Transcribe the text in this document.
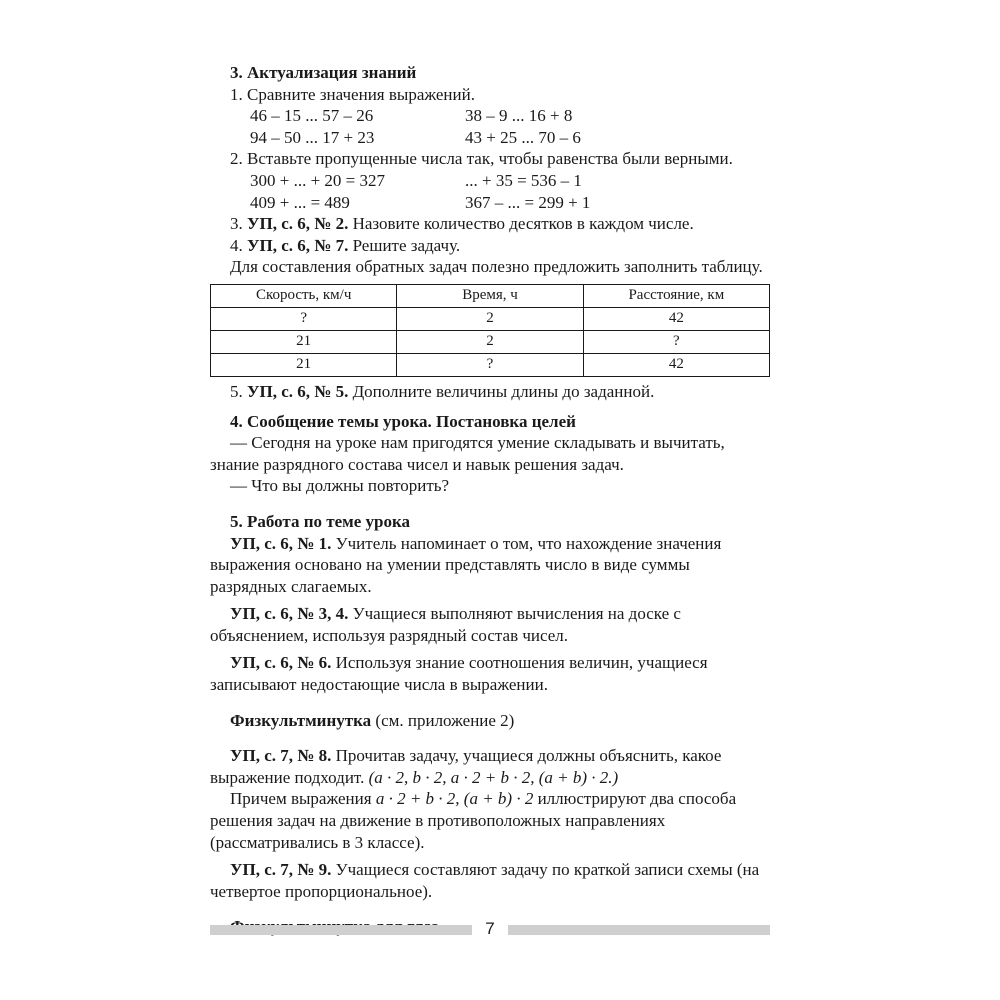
3. Актуализация знаний

1. Сравните значения выражений.

46 – 15 ... 57 – 26	38 – 9 ... 16 + 8
94 – 50 ... 17 + 23	43 + 25 ... 70 – 6

2. Вставьте пропущенные числа так, чтобы равенства были верными.

300 + ... + 20 = 327	... + 35 = 536 – 1
409 + ... = 489	367 – ... = 299 + 1

3. УП, с. 6, № 2. Назовите количество десятков в каждом числе.

4. УП, с. 6, № 7. Решите задачу.

Для составления обратных задач полезно предложить заполнить таблицу.

Скорость, км/ч	Время, ч	Расстояние, км
?	2	42
21	2	?
21	?	42

5. УП, с. 6, № 5. Дополните величины длины до заданной.

4. Сообщение темы урока. Постановка целей

— Сегодня на уроке нам пригодятся умение складывать и вычитать, знание разрядного состава чисел и навык решения задач.

— Что вы должны повторить?

5. Работа по теме урока

УП, с. 6, № 1. Учитель напоминает о том, что нахождение значения выражения основано на умении представлять число в виде суммы разрядных слагаемых.

УП, с. 6, № 3, 4. Учащиеся выполняют вычисления на доске с объяснением, используя разрядный состав чисел.

УП, с. 6, № 6. Используя знание соотношения величин, учащиеся записывают недостающие числа в выражении.

Физкультминутка (см. приложение 2)

УП, с. 7, № 8. Прочитав задачу, учащиеся должны объяснить, какое выражение подходит. (a · 2, b · 2, a · 2 + b · 2, (a + b) · 2.)

Причем выражения a · 2 + b · 2, (a + b) · 2 иллюстрируют два способа решения задач на движение в противоположных направлениях (рассматривались в 3 классе).

УП, с. 7, № 9. Учащиеся составляют задачу по краткой записи схемы (на четвертое пропорциональное).

7
